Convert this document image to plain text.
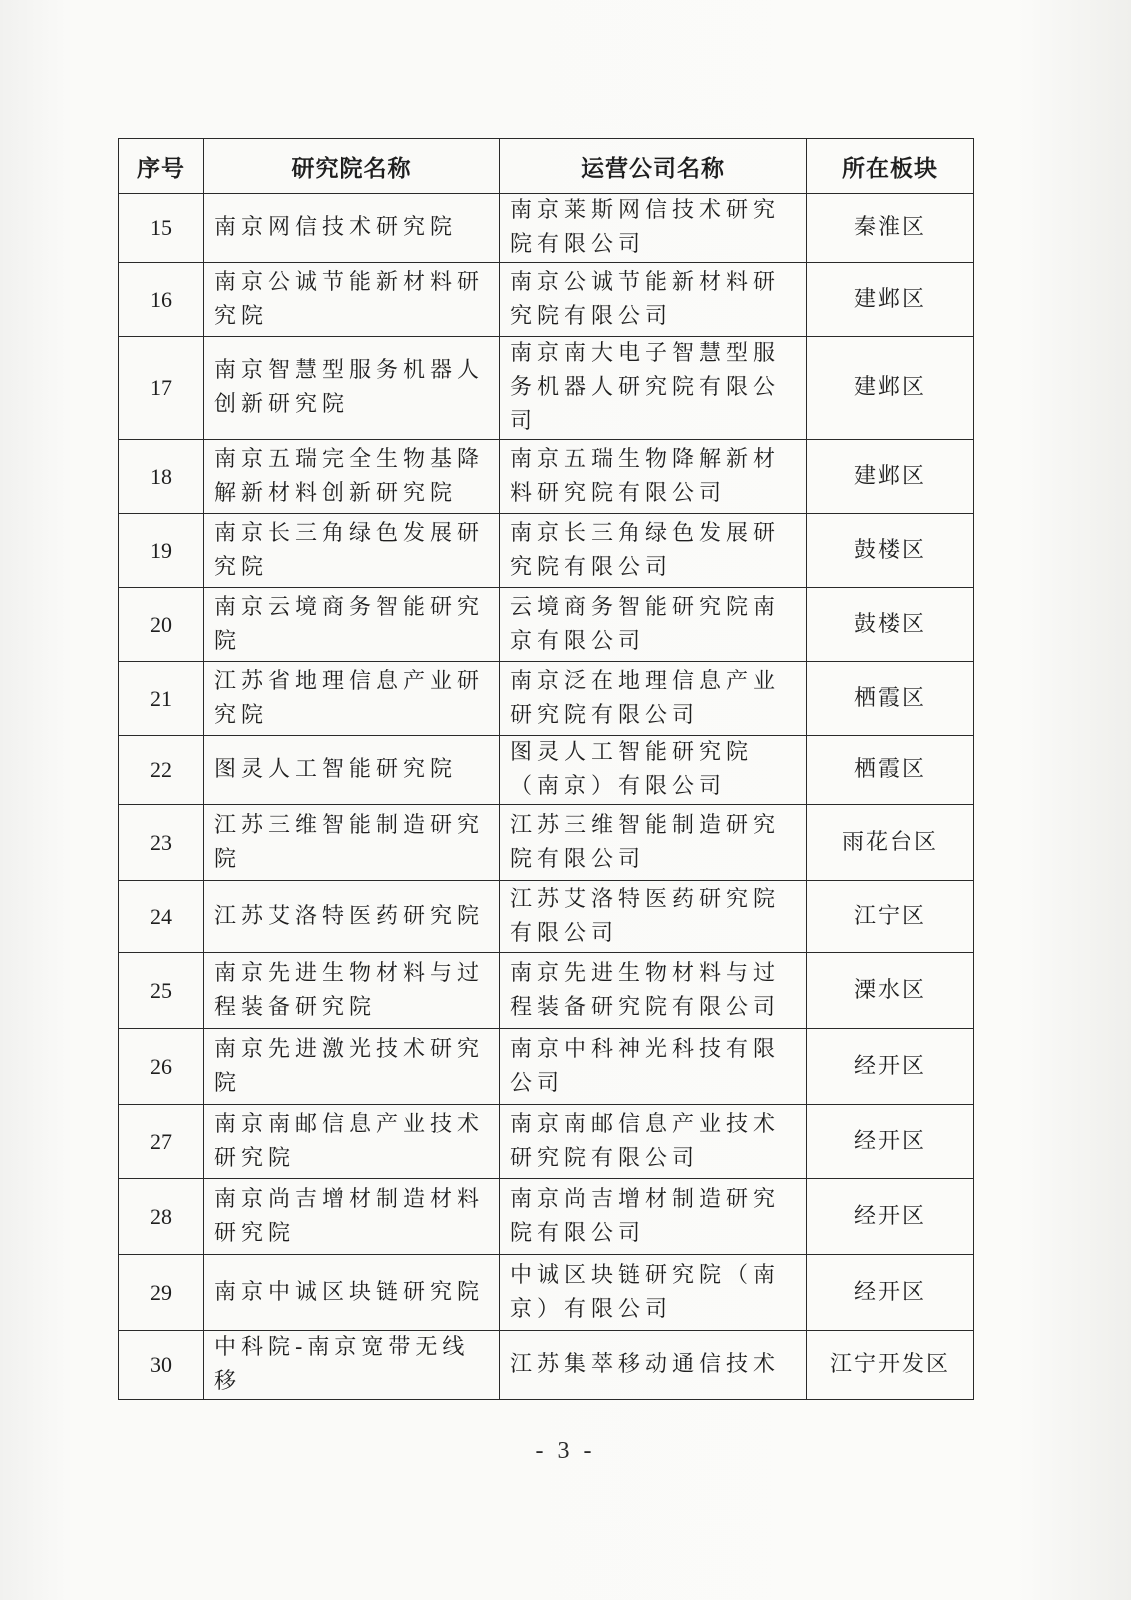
序号	研究院名称	运营公司名称	所在板块
15	南京网信技术研究院	南京莱斯网信技术研究院有限公司	秦淮区
16	南京公诚节能新材料研究院	南京公诚节能新材料研究院有限公司	建邺区
17	南京智慧型服务机器人创新研究院	南京南大电子智慧型服务机器人研究院有限公司	建邺区
18	南京五瑞完全生物基降解新材料创新研究院	南京五瑞生物降解新材料研究院有限公司	建邺区
19	南京长三角绿色发展研究院	南京长三角绿色发展研究院有限公司	鼓楼区
20	南京云境商务智能研究院	云境商务智能研究院南京有限公司	鼓楼区
21	江苏省地理信息产业研究院	南京泛在地理信息产业研究院有限公司	栖霞区
22	图灵人工智能研究院	图灵人工智能研究院（南京）有限公司	栖霞区
23	江苏三维智能制造研究院	江苏三维智能制造研究院有限公司	雨花台区
24	江苏艾洛特医药研究院	江苏艾洛特医药研究院有限公司	江宁区
25	南京先进生物材料与过程装备研究院	南京先进生物材料与过程装备研究院有限公司	溧水区
26	南京先进激光技术研究院	南京中科神光科技有限公司	经开区
27	南京南邮信息产业技术研究院	南京南邮信息产业技术研究院有限公司	经开区
28	南京尚吉增材制造材料研究院	南京尚吉增材制造研究院有限公司	经开区
29	南京中诚区块链研究院	中诚区块链研究院（南京）有限公司	经开区
30	中科院-南京宽带无线移	江苏集萃移动通信技术	江宁开发区
- 3 -
